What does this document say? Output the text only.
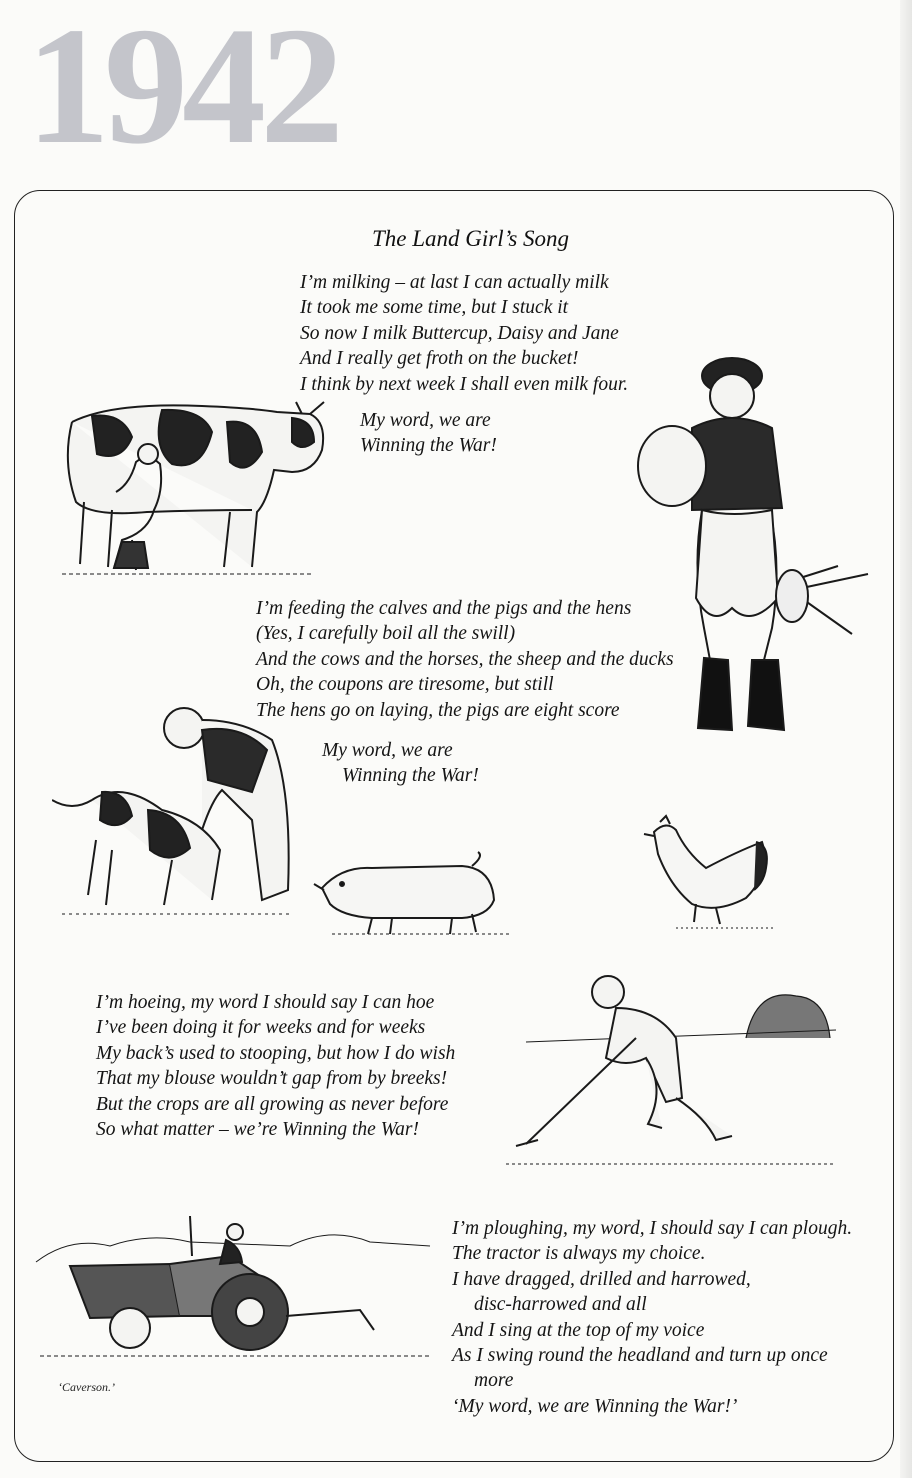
1942
The Land Girl’s Song
I’m milking – at last I can actually milk
It took me some time, but I stuck it
So now I milk Buttercup, Daisy and Jane
And I really get froth on the bucket!
I think by next week I shall even milk four.
My word, we are
Winning the War!
I’m feeding the calves and the pigs and the hens
(Yes, I carefully boil all the swill)
And the cows and the horses, the sheep and the ducks
Oh, the coupons are tiresome, but still
The hens go on laying, the pigs are eight score
My word, we are
Winning the War!
I’m hoeing, my word I should say I can hoe
I’ve been doing it for weeks and for weeks
My back’s used to stooping, but how I do wish
That my blouse wouldn’t gap from by breeks!
But the crops are all growing as never before
So what matter – we’re Winning the War!
I’m ploughing, my word, I should say I can plough.
The tractor is always my choice.
I have dragged, drilled and harrowed,
disc-harrowed and all
And I sing at the top of my voice
As I swing round the headland and turn up once
more
‘My word, we are Winning the War!’
‘Caverson.’
